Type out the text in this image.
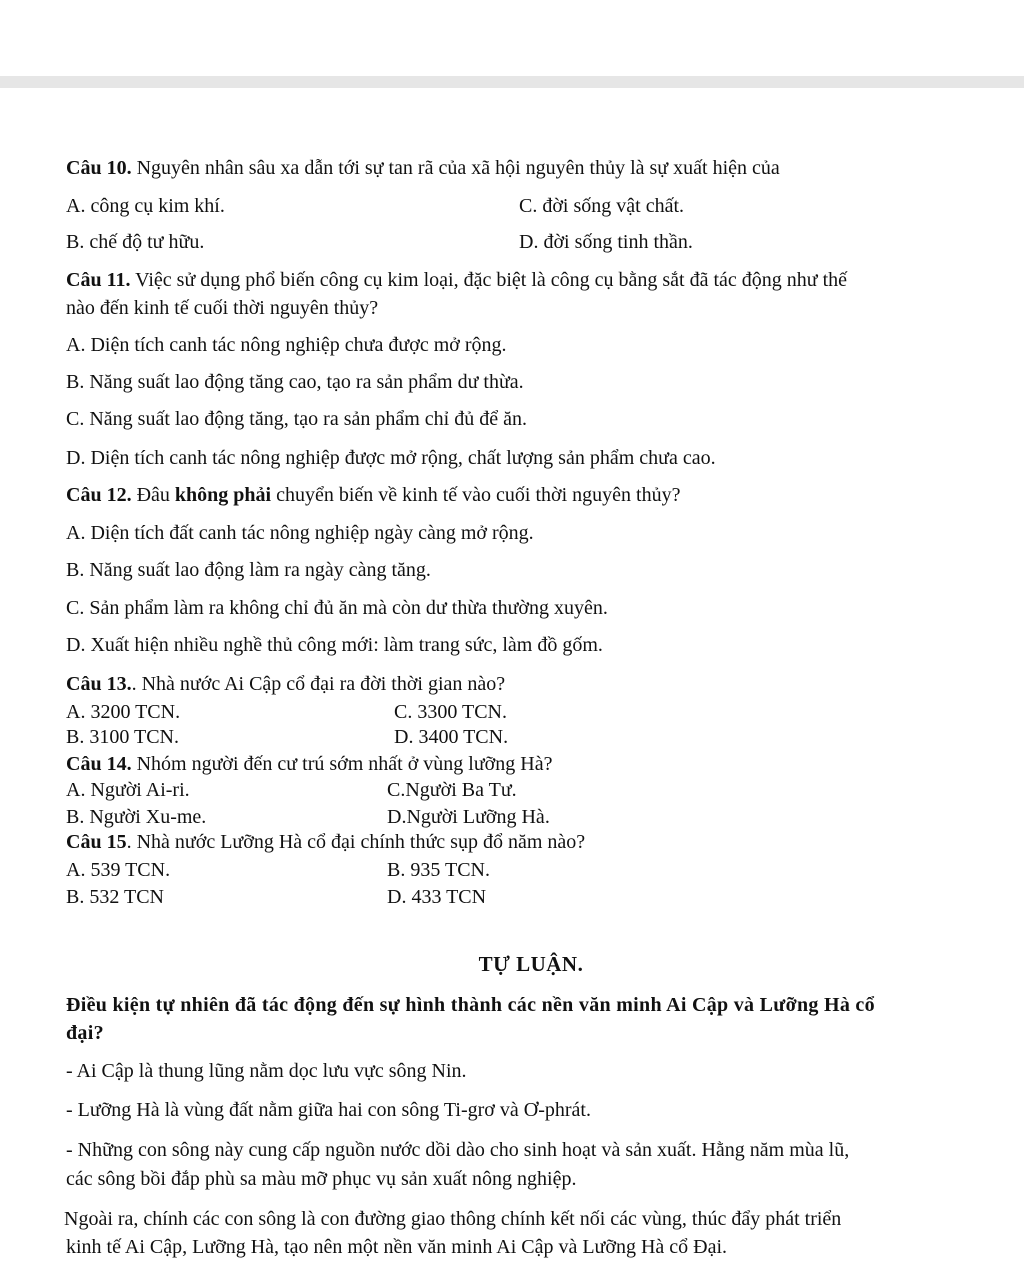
Câu 10. Nguyên nhân sâu xa dẫn tới sự tan rã của xã hội nguyên thủy là sự xuất hiện của
A. công cụ kim khí.	C. đời sống vật chất.
B. chế độ tư hữu.	D. đời sống tinh thần.
Câu 11. Việc sử dụng phổ biến công cụ kim loại, đặc biệt là công cụ bằng sắt đã tác động như thế
nào đến kinh tế cuối thời nguyên thủy?
A. Diện tích canh tác nông nghiệp chưa được mở rộng.
B. Năng suất lao động tăng cao, tạo ra sản phẩm dư thừa.
C. Năng suất lao động tăng, tạo ra sản phẩm chỉ đủ để ăn.
D. Diện tích canh tác nông nghiệp được mở rộng, chất lượng sản phẩm chưa cao.
Câu 12. Đâu không phải chuyển biến về kinh tế vào cuối thời nguyên thủy?
A. Diện tích đất canh tác nông nghiệp ngày càng mở rộng.
B. Năng suất lao động làm ra ngày càng tăng.
C. Sản phẩm làm ra không chỉ đủ ăn mà còn dư thừa thường xuyên.
D. Xuất hiện nhiều nghề thủ công mới: làm trang sức, làm đồ gốm.
Câu 13.. Nhà nước Ai Cập cổ đại ra đời thời gian nào?
A. 3200 TCN.	C. 3300 TCN.
B. 3100 TCN.	D. 3400 TCN.
Câu 14. Nhóm người đến cư trú sớm nhất ở vùng lưỡng Hà?
A. Người Ai-ri.	C.Người Ba Tư.
B. Người Xu-me.	D.Người Lưỡng Hà.
Câu 15. Nhà nước Lưỡng Hà cổ đại chính thức sụp đổ năm nào?
A. 539 TCN.	B. 935 TCN.
B. 532 TCN	D. 433 TCN
TỰ LUẬN.
Điều kiện tự nhiên đã tác động đến sự hình thành các nền văn minh Ai Cập và Lưỡng Hà cổ
đại?
- Ai Cập là thung lũng nằm dọc lưu vực sông Nin.
- Lưỡng Hà là vùng đất nằm giữa hai con sông Ti-grơ và Ơ-phrát.
- Những con sông này cung cấp nguồn nước dồi dào cho sinh hoạt và sản xuất. Hằng năm mùa lũ,
các sông bồi đắp phù sa màu mỡ phục vụ sản xuất nông nghiệp.
Ngoài ra, chính các con sông là con đường giao thông chính kết nối các vùng, thúc đẩy phát triển
kinh tế Ai Cập, Lưỡng Hà, tạo nên một nền văn minh Ai Cập và Lưỡng Hà cổ Đại.
